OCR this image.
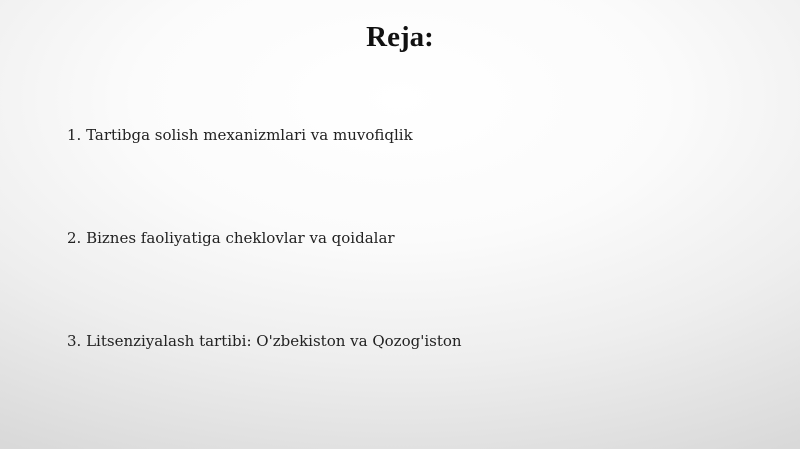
Reja:
1. Tartibga solish mexanizmlari va muvofiqlik
2. Biznes faoliyatiga cheklovlar va qoidalar
3. Litsenziyalash tartibi: O'zbekiston va Qozog'iston
